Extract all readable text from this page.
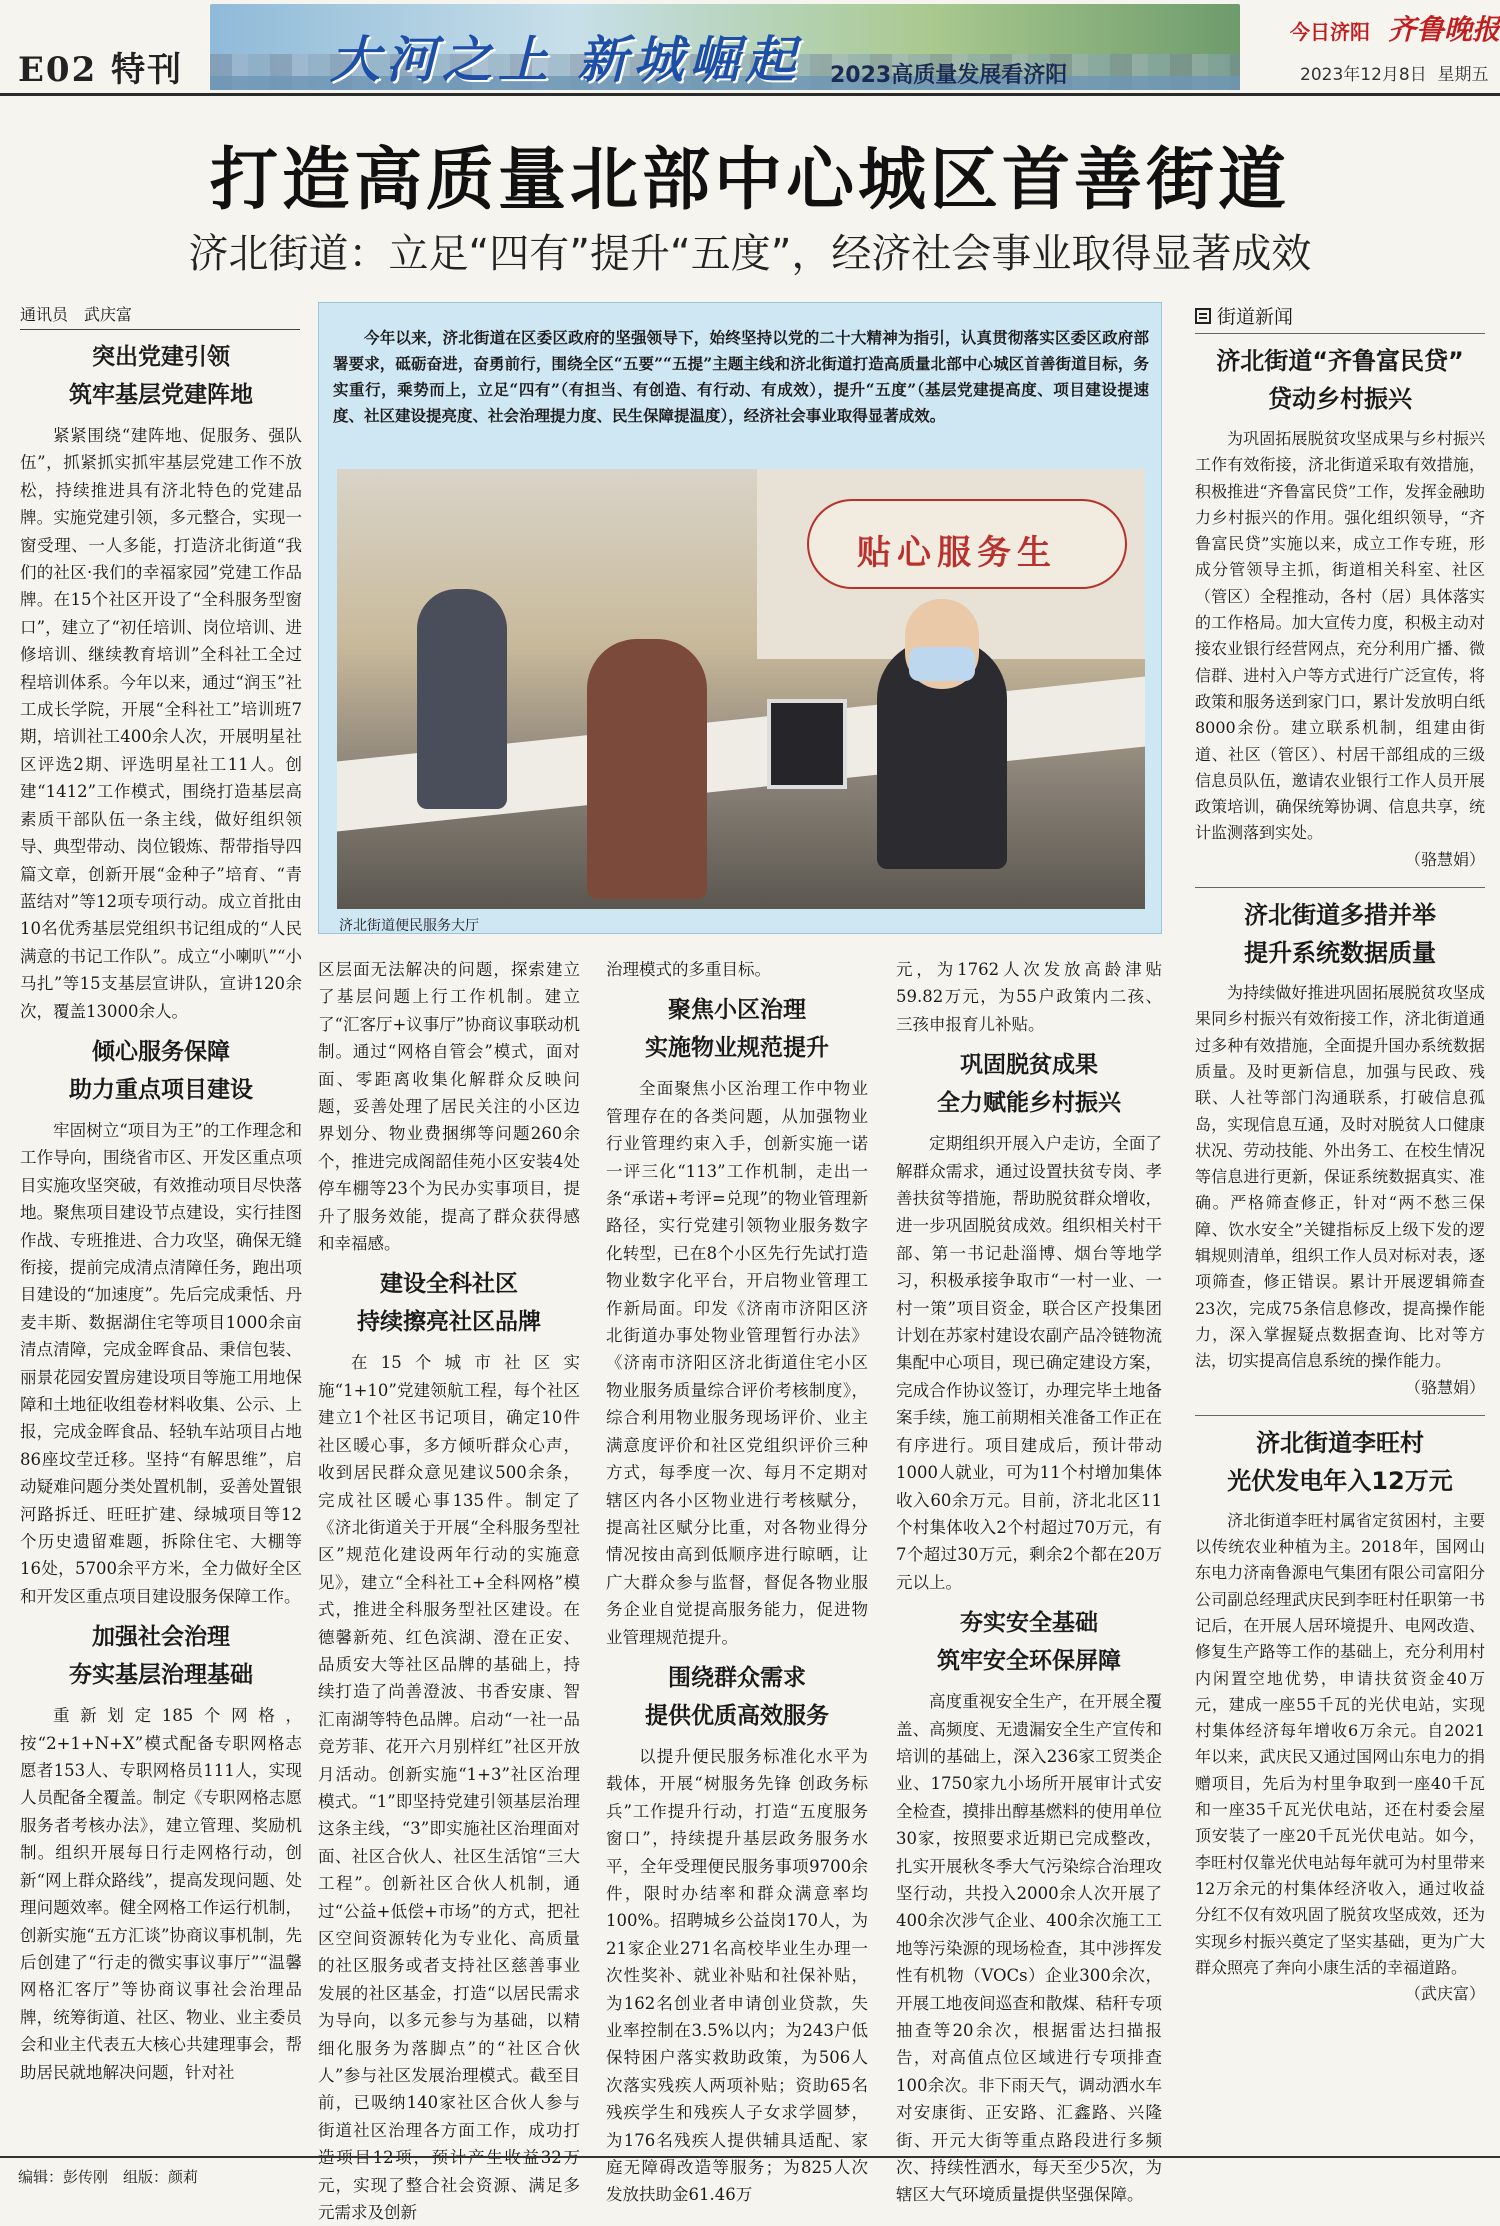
E02 特刊	大河之上 新城崛起 2023高质量发展看济阳
今日济阳 齐鲁晚报
2023年12月8日 星期五
打造高质量北部中心城区首善街道
济北街道：立足“四有”提升“五度”，经济社会事业取得显著成效
通讯员　武庆富
突出党建引领
筑牢基层党建阵地

紧紧围绕“建阵地、促服务、强队伍”，抓紧抓实抓牢基层党建工作不放松，持续推进具有济北特色的党建品牌。实施党建引领，多元整合，实现一窗受理、一人多能，打造济北街道“我们的社区·我们的幸福家园”党建工作品牌。在15个社区开设了“全科服务型窗口”，建立了“初任培训、岗位培训、进修培训、继续教育培训”全科社工全过程培训体系。今年以来，通过“润玉”社工成长学院，开展“全科社工”培训班7期，培训社工400余人次，开展明星社区评选2期、评选明星社工11人。创建“1412”工作模式，围绕打造基层高素质干部队伍一条主线，做好组织领导、典型带动、岗位锻炼、帮带指导四篇文章，创新开展“金种子”培育、“青蓝结对”等12项专项行动。成立首批由10名优秀基层党组织书记组成的“人民满意的书记工作队”。成立“小喇叭”“小马扎”等15支基层宣讲队，宣讲120余次，覆盖13000余人。

倾心服务保障
助力重点项目建设

牢固树立“项目为王”的工作理念和工作导向，围绕省市区、开发区重点项目实施攻坚突破，有效推动项目尽快落地。聚焦项目建设节点建设，实行挂图作战、专班推进、合力攻坚，确保无缝衔接，提前完成清点清障任务，跑出项目建设的“加速度”。先后完成秉恬、丹麦丰斯、数据湖住宅等项目1000余亩清点清障，完成金晖食品、秉信包装、丽景花园安置房建设项目等施工用地保障和土地征收组卷材料收集、公示、上报，完成金晖食品、轻轨车站项目占地86座坟茔迁移。坚持“有解思维”，启动疑难问题分类处置机制，妥善处置银河路拆迁、旺旺扩建、绿城项目等12个历史遗留难题，拆除住宅、大棚等16处，5700余平方米，全力做好全区和开发区重点项目建设服务保障工作。

加强社会治理
夯实基层治理基础

重新划定185个网格，按“2+1+N+X”模式配备专职网格志愿者153人、专职网格员111人，实现人员配备全覆盖。制定《专职网格志愿服务者考核办法》，建立管理、奖励机制。组织开展每日行走网格行动，创新“网上群众路线”，提高发现问题、处理问题效率。健全网格工作运行机制，创新实施“五方汇谈”协商议事机制，先后创建了“行走的微实事议事厅”“温馨网格汇客厅”等协商议事社会治理品牌，统筹街道、社区、物业、业主委员会和业主代表五大核心共建理事会，帮助居民就地解决问题，针对社

今年以来，济北街道在区委区政府的坚强领导下，始终坚持以党的二十大精神为指引，认真贯彻落实区委区政府部署要求，砥砺奋进，奋勇前行，围绕全区“五要”“五提”主题主线和济北街道打造高质量北部中心城区首善街道目标，务实重行，乘势而上，立足“四有”（有担当、有创造、有行动、有成效），提升“五度”（基层党建提高度、项目建设提速度、社区建设提亮度、社会治理提力度、民生保障提温度），经济社会事业取得显著成效。
贴心服务生
济北街道便民服务大厅

区层面无法解决的问题，探索建立了基层问题上行工作机制。建立了“汇客厅+议事厅”协商议事联动机制。通过“网格自管会”模式，面对面、零距离收集化解群众反映问题，妥善处理了居民关注的小区边界划分、物业费捆绑等问题260余个，推进完成阁韶佳苑小区安装4处停车棚等23个为民办实事项目，提升了服务效能，提高了群众获得感和幸福感。

建设全科社区
持续擦亮社区品牌

在15个城市社区实施“1+10”党建领航工程，每个社区建立1个社区书记项目，确定10件社区暖心事，多方倾听群众心声，收到居民群众意见建议500余条，完成社区暖心事135件。制定了《济北街道关于开展“全科服务型社区”规范化建设两年行动的实施意见》，建立“全科社工+全科网格”模式，推进全科服务型社区建设。在德馨新苑、红色滨湖、澄在正安、品质安大等社区品牌的基础上，持续打造了尚善澄波、书香安康、智汇南湖等特色品牌。启动“一社一品竞芳菲、花开六月别样红”社区开放月活动。创新实施“1+3”社区治理模式。“1”即坚持党建引领基层治理这条主线，“3”即实施社区治理面对面、社区合伙人、社区生活馆“三大工程”。创新社区合伙人机制，通过“公益+低偿+市场”的方式，把社区空间资源转化为专业化、高质量的社区服务或者支持社区慈善事业发展的社区基金，打造“以居民需求为导向，以多元参与为基础，以精细化服务为落脚点”的“社区合伙人”参与社区发展治理模式。截至目前，已吸纳140家社区合伙人参与街道社区治理各方面工作，成功打造项目12项，预计产生收益32万元，实现了整合社会资源、满足多元需求及创新

治理模式的多重目标。

聚焦小区治理
实施物业规范提升

全面聚焦小区治理工作中物业管理存在的各类问题，从加强物业行业管理约束入手，创新实施一诺一评三化“113”工作机制，走出一条“承诺+考评=兑现”的物业管理新路径，实行党建引领物业服务数字化转型，已在8个小区先行先试打造物业数字化平台，开启物业管理工作新局面。印发《济南市济阳区济北街道办事处物业管理暂行办法》《济南市济阳区济北街道住宅小区物业服务质量综合评价考核制度》，综合利用物业服务现场评价、业主满意度评价和社区党组织评价三种方式，每季度一次、每月不定期对辖区内各小区物业进行考核赋分，提高社区赋分比重，对各物业得分情况按由高到低顺序进行晾晒，让广大群众参与监督，督促各物业服务企业自觉提高服务能力，促进物业管理规范提升。

围绕群众需求
提供优质高效服务

以提升便民服务标准化水平为载体，开展“树服务先锋 创政务标兵”工作提升行动，打造“五度服务窗口”，持续提升基层政务服务水平，全年受理便民服务事项9700余件，限时办结率和群众满意率均100%。招聘城乡公益岗170人，为21家企业271名高校毕业生办理一次性奖补、就业补贴和社保补贴，为162名创业者申请创业贷款，失业率控制在3.5%以内；为243户低保特困户落实救助政策，为506人次落实残疾人两项补贴；资助65名残疾学生和残疾人子女求学圆梦，为176名残疾人提供辅具适配、家庭无障碍改造等服务；为825人次发放扶助金61.46万

元，为1762人次发放高龄津贴59.82万元，为55户政策内二孩、三孩申报育儿补贴。

巩固脱贫成果
全力赋能乡村振兴

定期组织开展入户走访，全面了解群众需求，通过设置扶贫专岗、孝善扶贫等措施，帮助脱贫群众增收，进一步巩固脱贫成效。组织相关村干部、第一书记赴淄博、烟台等地学习，积极承接争取市“一村一业、一村一策”项目资金，联合区产投集团计划在苏家村建设农副产品冷链物流集配中心项目，现已确定建设方案，完成合作协议签订，办理完毕土地备案手续，施工前期相关准备工作正在有序进行。项目建成后，预计带动1000人就业，可为11个村增加集体收入60余万元。目前，济北北区11个村集体收入2个村超过70万元，有7个超过30万元，剩余2个都在20万元以上。

夯实安全基础
筑牢安全环保屏障

高度重视安全生产，在开展全覆盖、高频度、无遗漏安全生产宣传和培训的基础上，深入236家工贸类企业、1750家九小场所开展审计式安全检查，摸排出醇基燃料的使用单位30家，按照要求近期已完成整改，扎实开展秋冬季大气污染综合治理攻坚行动，共投入2000余人次开展了400余次涉气企业、400余次施工工地等污染源的现场检查，其中涉挥发性有机物（VOCs）企业300余次，开展工地夜间巡查和散煤、秸秆专项抽查等20余次，根据雷达扫描报告，对高值点位区域进行专项排查100余次。非下雨天气，调动洒水车对安康街、正安路、汇鑫路、兴隆街、开元大街等重点路段进行多频次、持续性洒水，每天至少5次，为辖区大气环境质量提供坚强保障。

街道新闻
济北街道“齐鲁富民贷”
贷动乡村振兴

为巩固拓展脱贫攻坚成果与乡村振兴工作有效衔接，济北街道采取有效措施，积极推进“齐鲁富民贷”工作，发挥金融助力乡村振兴的作用。强化组织领导，“齐鲁富民贷”实施以来，成立工作专班，形成分管领导主抓，街道相关科室、社区（管区）全程推动，各村（居）具体落实的工作格局。加大宣传力度，积极主动对接农业银行经营网点，充分利用广播、微信群、进村入户等方式进行广泛宣传，将政策和服务送到家门口，累计发放明白纸8000余份。建立联系机制，组建由街道、社区（管区）、村居干部组成的三级信息员队伍，邀请农业银行工作人员开展政策培训，确保统筹协调、信息共享，统计监测落到实处。

（骆慧娟）
济北街道多措并举
提升系统数据质量

为持续做好推进巩固拓展脱贫攻坚成果同乡村振兴有效衔接工作，济北街道通过多种有效措施，全面提升国办系统数据质量。及时更新信息，加强与民政、残联、人社等部门沟通联系，打破信息孤岛，实现信息互通，及时对脱贫人口健康状况、劳动技能、外出务工、在校生情况等信息进行更新，保证系统数据真实、准确。严格筛查修正，针对“两不愁三保障、饮水安全”关键指标反上级下发的逻辑规则清单，组织工作人员对标对表，逐项筛查，修正错误。累计开展逻辑筛查23次，完成75条信息修改，提高操作能力，深入掌握疑点数据查询、比对等方法，切实提高信息系统的操作能力。

（骆慧娟）
济北街道李旺村
光伏发电年入12万元

济北街道李旺村属省定贫困村，主要以传统农业种植为主。2018年，国网山东电力济南鲁源电气集团有限公司富阳分公司副总经理武庆民到李旺村任职第一书记后，在开展人居环境提升、电网改造、修复生产路等工作的基础上，充分利用村内闲置空地优势，申请扶贫资金40万元，建成一座55千瓦的光伏电站，实现村集体经济每年增收6万余元。自2021年以来，武庆民又通过国网山东电力的捐赠项目，先后为村里争取到一座40千瓦和一座35千瓦光伏电站，还在村委会屋顶安装了一座20千瓦光伏电站。如今，李旺村仅靠光伏电站每年就可为村里带来12万余元的村集体经济收入，通过收益分红不仅有效巩固了脱贫攻坚成效，还为实现乡村振兴奠定了坚实基础，更为广大群众照亮了奔向小康生活的幸福道路。

（武庆富）
编辑：彭传刚　组版：颜莉
